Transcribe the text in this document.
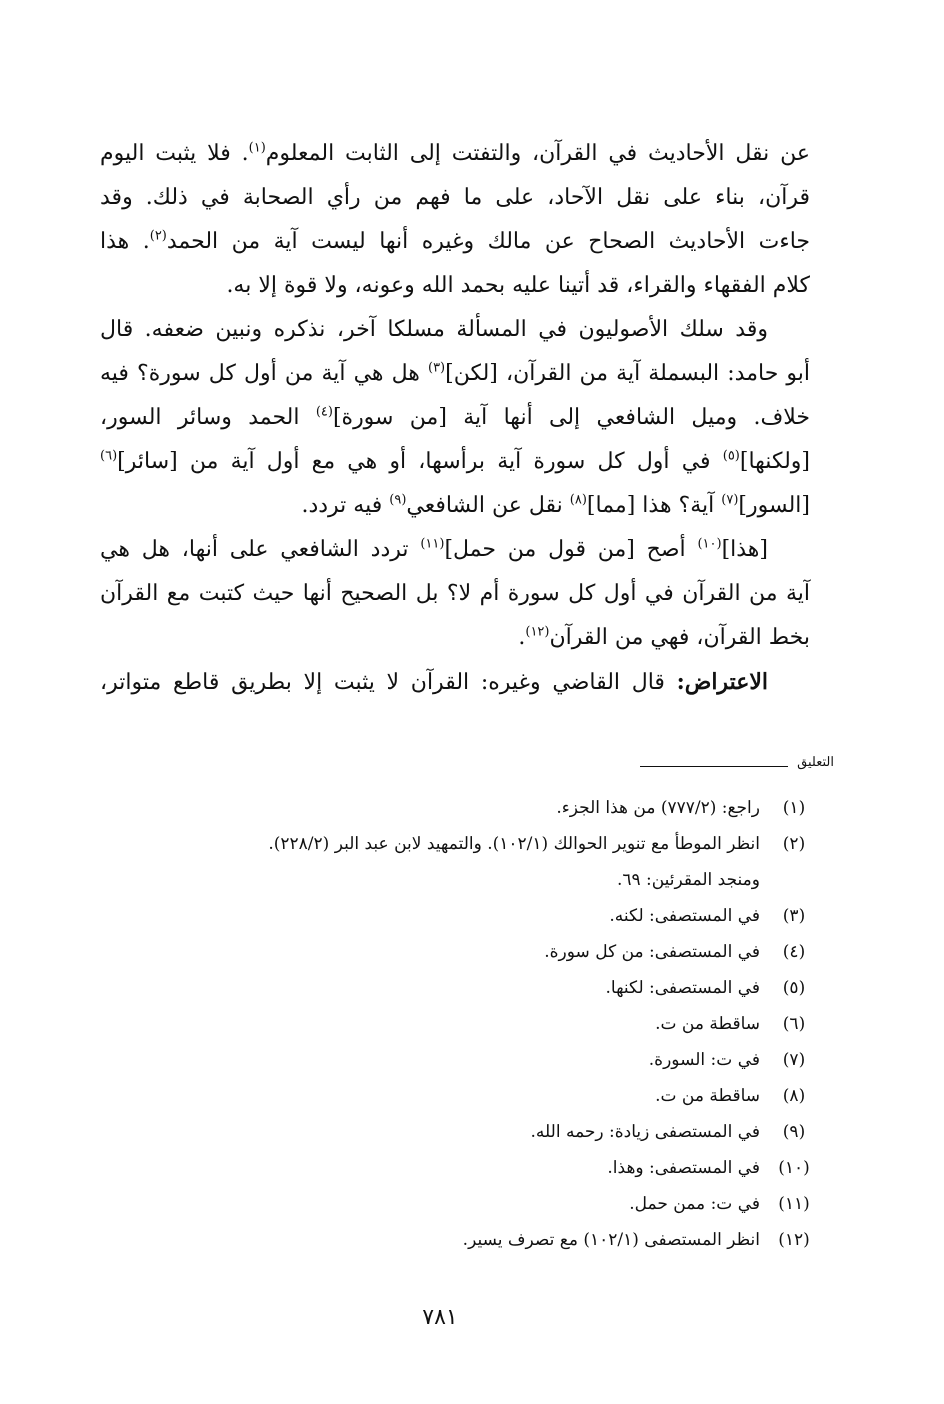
عن نقل الأحاديث في القرآن، والتفتت إلى الثابت المعلوم$^{(١)}$. فلا يثبت اليوم
قرآن، بناء على نقل الآحاد، على ما فهم من رأي الصحابة في ذلك. وقد
جاءت الأحاديث الصحاح عن مالك وغيره أنها ليست آية من الحمد$^{(٢)}$. هذا
كلام الفقهاء والقراء، قد أتينا عليه بحمد الله وعونه، ولا قوة إلا به.
وقد سلك الأصوليون في المسألة مسلكا آخر، نذكره ونبين ضعفه. قال
أبو حامد: البسملة آية من القرآن، [لكن]$^{(٣)}$ هل هي آية من أول كل سورة؟ فيه
خلاف. وميل الشافعي إلى أنها آية [من سورة]$^{(٤)}$ الحمد وسائر السور،
[ولكنها]$^{(٥)}$ في أول كل سورة آية برأسها، أو هي مع أول آية من [سائر]$^{(٦)}$
[السور]$^{(٧)}$ آية؟ هذا [مما]$^{(٨)}$ نقل عن الشافعي$^{(٩)}$ فيه تردد.
[هذا]$^{(١٠)}$ أصح [من قول من حمل]$^{(١١)}$ تردد الشافعي على أنها، هل هي
آية من القرآن في أول كل سورة أم لا؟ بل الصحيح أنها حيث كتبت مع القرآن
بخط القرآن، فهي من القرآن$^{(١٢)}$.
الاعتراض: قال القاضي وغيره: القرآن لا يثبت إلا بطريق قاطع متواتر،
التعليق
(١)
راجع: (٧٧٧/٢) من هذا الجزء.
(٢)
انظر الموطأ مع تنوير الحوالك (١٠٢/١). والتمهيد لابن عبد البر (٢٢٨/٢).
ومنجد المقرئين: ٦٩.
(٣)
في المستصفى: لكنه.
(٤)
في المستصفى: من كل سورة.
(٥)
في المستصفى: لكنها.
(٦)
ساقطة من ت.
(٧)
في ت: السورة.
(٨)
ساقطة من ت.
(٩)
في المستصفى زيادة: رحمه الله.
(١٠)
في المستصفى: وهذا.
(١١)
في ت: ممن حمل.
(١٢)
انظر المستصفى (١٠٢/١) مع تصرف يسير.
٧٨١
